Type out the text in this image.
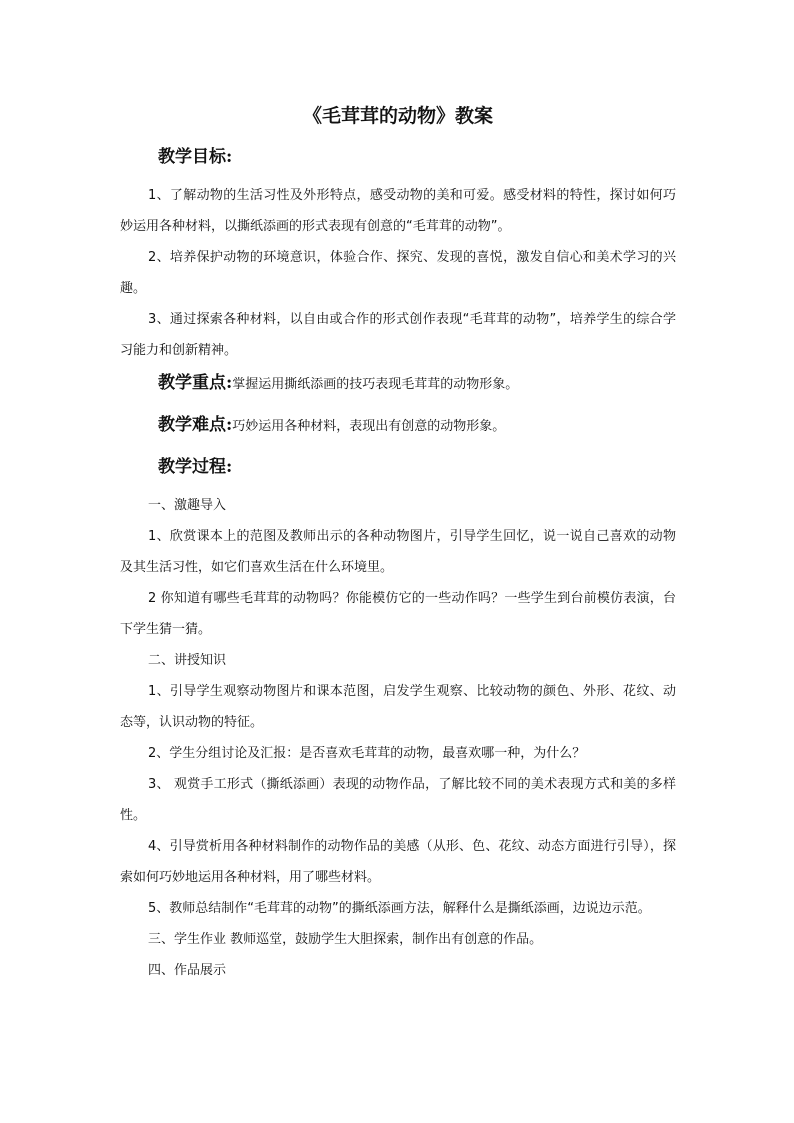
《毛茸茸的动物》教案
教学目标:

1、了解动物的生活习性及外形特点，感受动物的美和可爱。感受材料的特性，探讨如何巧妙运用各种材料，以撕纸添画的形式表现有创意的“毛茸茸的动物”。

2、培养保护动物的环境意识，体验合作、探究、发现的喜悦，激发自信心和美术学习的兴趣。

3、通过探索各种材料，以自由或合作的形式创作表现“毛茸茸的动物”，培养学生的综合学习能力和创新精神。

教学重点:掌握运用撕纸添画的技巧表现毛茸茸的动物形象。
教学难点:巧妙运用各种材料，表现出有创意的动物形象。
教学过程:

一、激趣导入

1、欣赏课本上的范图及教师出示的各种动物图片，引导学生回忆，说一说自己喜欢的动物及其生活习性，如它们喜欢生活在什么环境里。

2 你知道有哪些毛茸茸的动物吗？你能模仿它的一些动作吗？一些学生到台前模仿表演，台下学生猜一猜。

二、讲授知识

1、引导学生观察动物图片和课本范图，启发学生观察、比较动物的颜色、外形、花纹、动态等，认识动物的特征。

2、学生分组讨论及汇报：是否喜欢毛茸茸的动物，最喜欢哪一种，为什么？

3、 观赏手工形式（撕纸添画）表现的动物作品，了解比较不同的美术表现方式和美的多样性。

4、引导赏析用各种材料制作的动物作品的美感（从形、色、花纹、动态方面进行引导），探索如何巧妙地运用各种材料，用了哪些材料。

5、教师总结制作“毛茸茸的动物”的撕纸添画方法，解释什么是撕纸添画，边说边示范。

三、学生作业 教师巡堂，鼓励学生大胆探索，制作出有创意的作品。

四、作品展示
